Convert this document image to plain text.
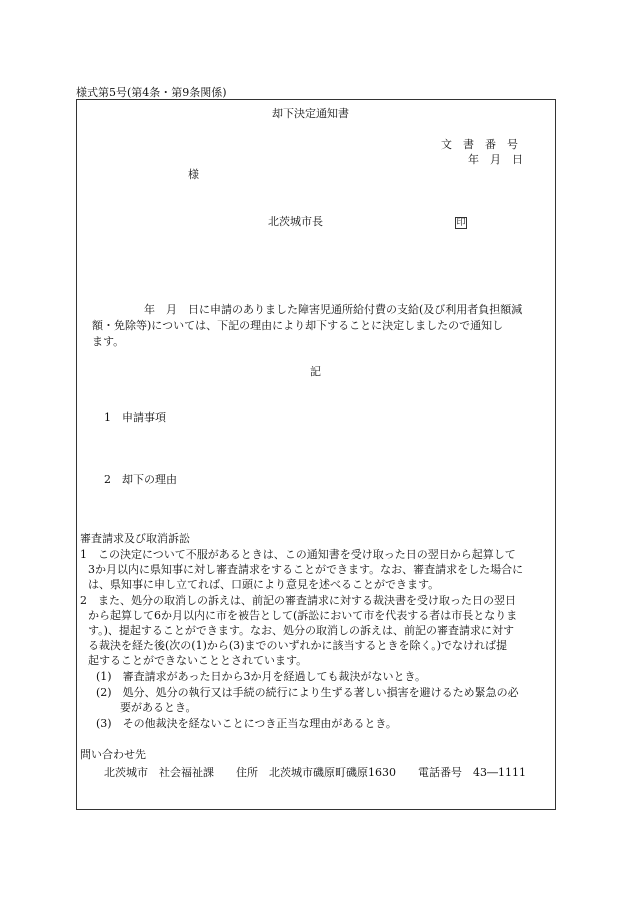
様式第5号(第4条・第9条関係)
却下決定通知書
文　書　番　号
年　月　日
様
北茨城市長	印
年　月　日に申請のありました障害児通所給付費の支給(及び利用者負担額減
額・免除等)については、下記の理由により却下することに決定しましたので通知し
ます。
記
1　申請事項
2　却下の理由
審査請求及び取消訴訟
1　この決定について不服があるときは、この通知書を受け取った日の翌日から起算して
3か月以内に県知事に対し審査請求をすることができます。なお、審査請求をした場合に
は、県知事に申し立てれば、口頭により意見を述べることができます。
2　また、処分の取消しの訴えは、前記の審査請求に対する裁決書を受け取った日の翌日
から起算して6か月以内に市を被告として(訴訟において市を代表する者は市長となりま
す。)、提起することができます。なお、処分の取消しの訴えは、前記の審査請求に対す
る裁決を経た後(次の(1)から(3)までのいずれかに該当するときを除く。)でなければ提
起することができないこととされています。
(1)　審査請求があった日から3か月を経過しても裁決がないとき。
(2)　処分、処分の執行又は手続の続行により生ずる著しい損害を避けるため緊急の必
要があるとき。
(3)　その他裁決を経ないことにつき正当な理由があるとき。
問い合わせ先
北茨城市　社会福祉課　　住所　北茨城市磯原町磯原1630　　電話番号　43―1111
